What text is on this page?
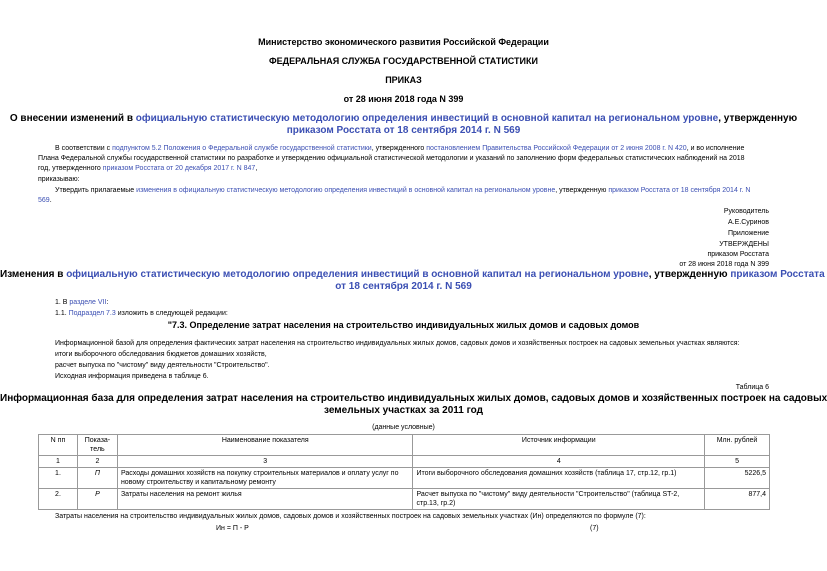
Министерство экономического развития Российской Федерации
ФЕДЕРАЛЬНАЯ СЛУЖБА ГОСУДАРСТВЕННОЙ СТАТИСТИКИ
ПРИКАЗ
от 28 июня 2018 года N 399
О внесении изменений в официальную статистическую методологию определения инвестиций в основной капитал на региональном уровне, утвержденную
приказом Росстата от 18 сентября 2014 г. N 569
В соответствии с подпунктом 5.2 Положения о Федеральной службе государственной статистики, утвержденного постановлением Правительства Российской Федерации от 2 июня 2008 г. N 420, и во исполнение
Плана Федеральной службы государственной статистики по разработке и утверждению официальной статистической методологии и указаний по заполнению форм федеральных статистических наблюдений на 2018
год, утвержденного приказом Росстата от 20 декабря 2017 г. N 847,
приказываю:
Утвердить прилагаемые изменения в официальную статистическую методологию определения инвестиций в основной капитал на региональном уровне, утвержденную приказом Росстата от 18 сентября 2014 г. N
569.
Руководитель
А.Е.Суринов
Приложение
УТВЕРЖДЕНЫ
приказом Росстата
от 28 июня 2018 года N 399
Изменения в официальную статистическую методологию определения инвестиций в основной капитал на региональном уровне, утвержденную приказом Росстата
от 18 сентября 2014 г. N 569
1. В разделе VII:
1.1. Подраздел 7.3 изложить в следующей редакции:
"7.3. Определение затрат населения на строительство индивидуальных жилых домов и садовых домов
Информационной базой для определения фактических затрат населения на строительство индивидуальных жилых домов, садовых домов и хозяйственных построек на садовых земельных участках являются:
итоги выборочного обследования бюджетов домашних хозяйств,
расчет выпуска по "чистому" виду деятельности "Строительство".
Исходная информация приведена в таблице 6.
Таблица 6
Информационная база для определения затрат населения на строительство индивидуальных жилых домов, садовых домов и хозяйственных построек на садовых
земельных участках за 2011 год
(данные условные)
N пп	Показа-тель	Наименование показателя	Источник информации	Млн. рублей
1	2	3	4	5
1.	П	Расходы домашних хозяйств на покупку строительных материалов и оплату услуг по новому строительству и капитальному ремонту	Итоги выборочного обследования домашних хозяйств (таблица 17, стр.12, гр.1)	5226,5
2.	Р	Затраты населения на ремонт жилья	Расчет выпуска по "чистому" виду деятельности "Строительство" (таблица ST-2, стр.13, гр.2)	877,4
Затраты населения на строительство индивидуальных жилых домов, садовых домов и хозяйственных построек на садовых земельных участках (Ин) определяются по формуле (7):
Ин = П - Р	(7)
